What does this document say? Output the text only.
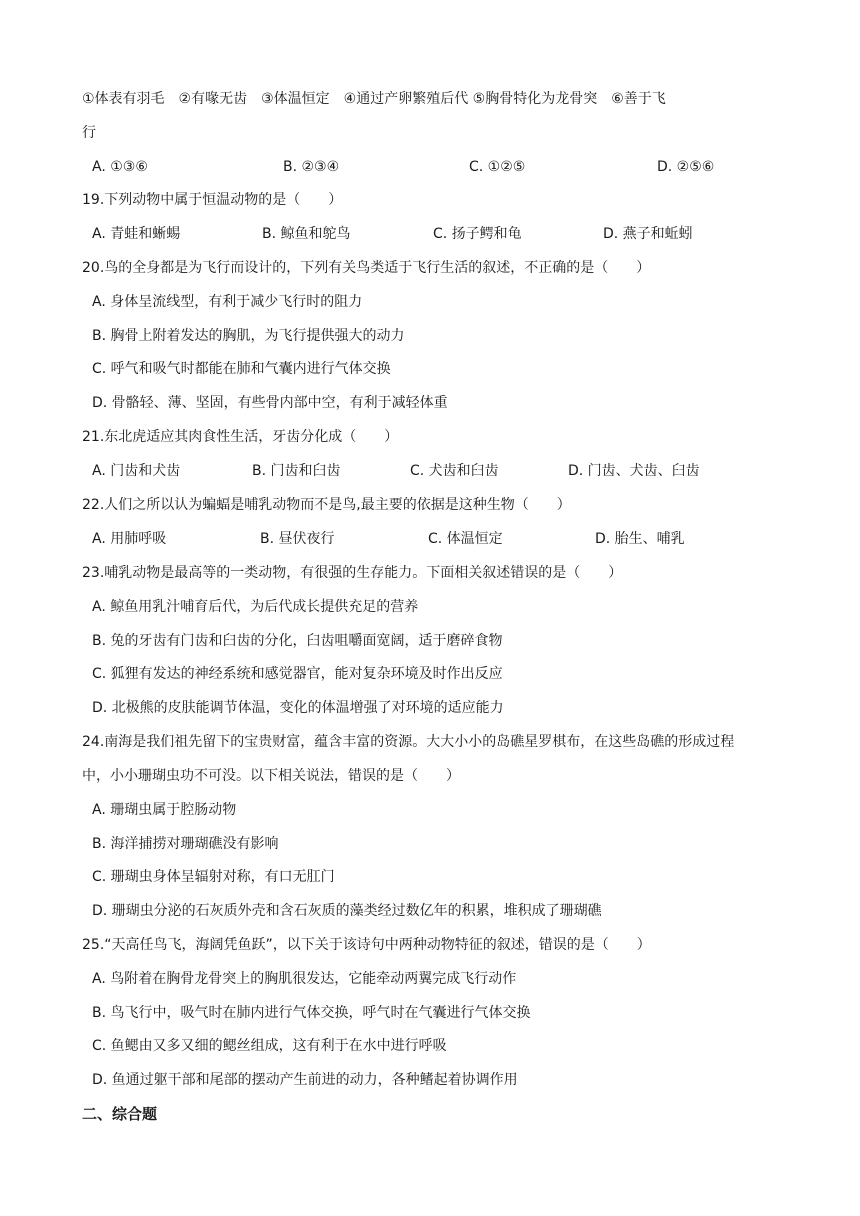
①体表有羽毛　②有喙无齿　③体温恒定　④通过产卵繁殖后代 ⑤胸骨特化为龙骨突　⑥善于飞
行
A. ①③⑥	B. ②③④	C. ①②⑤	D. ②⑤⑥
19.下列动物中属于恒温动物的是（　　）
A. 青蛙和蜥蜴	B. 鲸鱼和鸵鸟	C. 扬子鳄和龟	D. 燕子和蚯蚓
20.鸟的全身都是为飞行而设计的，下列有关鸟类适于飞行生活的叙述，不正确的是（　　）
A. 身体呈流线型，有利于减少飞行时的阻力
B. 胸骨上附着发达的胸肌，为飞行提供强大的动力
C. 呼气和吸气时都能在肺和气囊内进行气体交换
D. 骨骼轻、薄、坚固，有些骨内部中空，有利于减轻体重
21.东北虎适应其肉食性生活，牙齿分化成（　　）
A. 门齿和犬齿	B. 门齿和臼齿	C. 犬齿和臼齿	D. 门齿、犬齿、臼齿
22.人们之所以认为蝙蝠是哺乳动物而不是鸟,最主要的依据是这种生物（　　）
A. 用肺呼吸	B. 昼伏夜行	C. 体温恒定	D. 胎生、哺乳
23.哺乳动物是最高等的一类动物，有很强的生存能力。下面相关叙述错误的是（　　）
A. 鲸鱼用乳汁哺育后代，为后代成长提供充足的营养
B. 兔的牙齿有门齿和臼齿的分化，臼齿咀嚼面宽阔，适于磨碎食物
C. 狐狸有发达的神经系统和感觉器官，能对复杂环境及时作出反应
D. 北极熊的皮肤能调节体温，变化的体温增强了对环境的适应能力
24.南海是我们祖先留下的宝贵财富，蕴含丰富的资源。大大小小的岛礁星罗棋布，在这些岛礁的形成过程
中，小小珊瑚虫功不可没。以下相关说法，错误的是（　　）
A. 珊瑚虫属于腔肠动物
B. 海洋捕捞对珊瑚礁没有影响
C. 珊瑚虫身体呈辐射对称，有口无肛门
D. 珊瑚虫分泌的石灰质外壳和含石灰质的藻类经过数亿年的积累，堆积成了珊瑚礁
25.“天高任鸟飞，海阔凭鱼跃”，以下关于该诗句中两种动物特征的叙述，错误的是（　　）
A. 鸟附着在胸骨龙骨突上的胸肌很发达，它能牵动两翼完成飞行动作
B. 鸟飞行中，吸气时在肺内进行气体交换，呼气时在气囊进行气体交换
C. 鱼鳃由又多又细的鳃丝组成，这有利于在水中进行呼吸
D. 鱼通过躯干部和尾部的摆动产生前进的动力，各种鳍起着协调作用
二、综合题
